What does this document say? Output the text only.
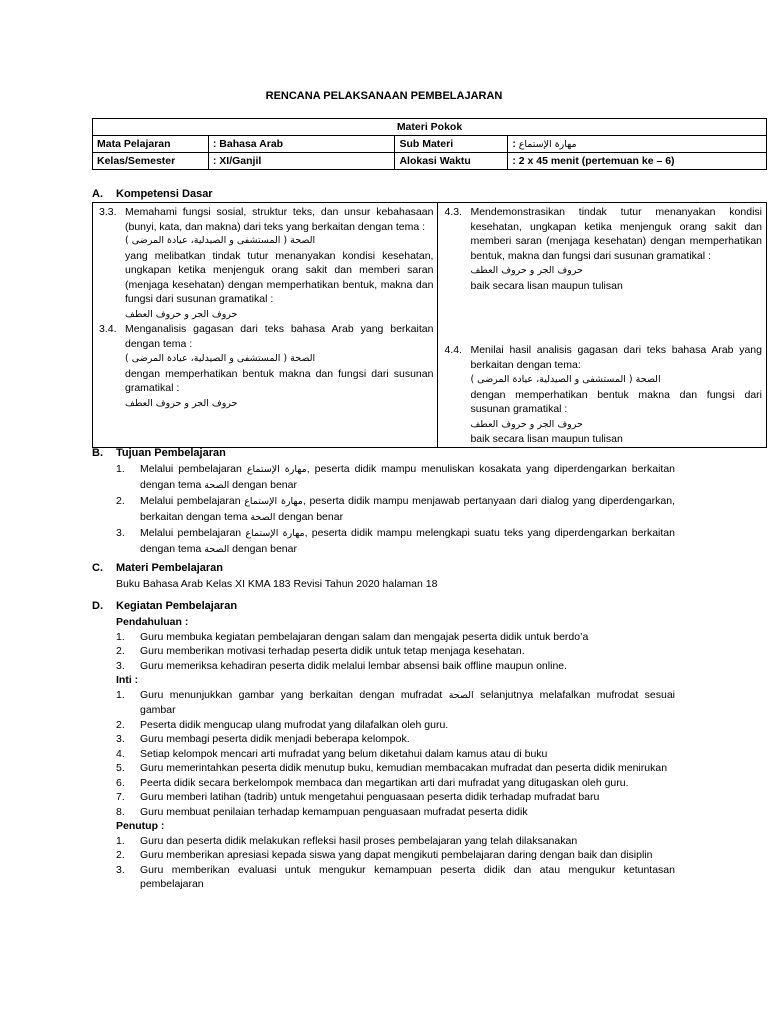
RENCANA PELAKSANAAN PEMBELAJARAN
Materi Pokok			
Mata Pelajaran	: Bahasa Arab	Sub Materi	: مهارة الإستماع
Kelas/Semester	: XI/Ganjil	Alokasi Waktu	: 2 x 45 menit (pertemuan ke – 6)
A. Kompetensi Dasar
3.3. Memahami fungsi sosial, struktur teks, dan unsur kebahasaan (bunyi, kata, dan makna) dari teks yang berkaitan dengan tema :
الصحة ( المستشفى و الصيدلية، عيادة المرضى )
yang melibatkan tindak tutur menanyakan kondisi kesehatan, ungkapan ketika menjenguk orang sakit dan memberi saran (menjaga kesehatan) dengan memperhatikan bentuk, makna dan fungsi dari susunan gramatikal :
حروف الجر و حروف العطف
3.4. Menganalisis gagasan dari teks bahasa Arab yang berkaitan dengan tema :
الصحة ( المستشفى و الصيدلية، عيادة المرضى )
dengan memperhatikan bentuk makna dan fungsi dari susunan gramatikal :
حروف الجر و حروف العطف

4.3. Mendemonstrasikan tindak tutur menanyakan kondisi kesehatan, ungkapan ketika menjenguk orang sakit dan memberi saran (menjaga kesehatan) dengan memperhatikan bentuk, makna dan fungsi dari susunan gramatikal :
حروف الجر و حروف العطف
baik secara lisan maupun tulisan
4.4. Menilai hasil analisis gagasan dari teks bahasa Arab yang berkaitan dengan tema:
الصحة ( المستشفى و الصيدلية، عيادة المرضى )
dengan memperhatikan bentuk makna dan fungsi dari susunan gramatikal :
حروف الجر و حروف العطف
baik secara lisan maupun tulisan
B. Tujuan Pembelajaran
1.	Melalui pembelajaran مهارة الإستماع, peserta didik mampu menuliskan kosakata yang diperdengarkan berkaitan dengan tema الصحة dengan benar
2.	Melalui pembelajaran مهارة الإستماع, peserta didik mampu menjawab pertanyaan dari dialog yang diperdengarkan, berkaitan dengan tema الصحة dengan benar
3.	Melalui pembelajaran مهارة الإستماع, peserta didik mampu melengkapi suatu teks yang diperdengarkan berkaitan dengan tema الصحة dengan benar
C. Materi Pembelajaran
Buku Bahasa Arab Kelas XI KMA 183 Revisi Tahun 2020 halaman 18
D. Kegiatan Pembelajaran
Pendahuluan :
1.	Guru membuka kegiatan pembelajaran dengan salam dan mengajak peserta didik untuk berdo’a
2.	Guru memberikan motivasi terhadap peserta didik untuk tetap menjaga kesehatan.
3.	Guru memeriksa kehadiran peserta didik melalui lembar absensi baik offline maupun online.
Inti :
1.	Guru menunjukkan gambar yang berkaitan dengan mufradat الصحة selanjutnya melafalkan mufrodat sesuai gambar
2.	Peserta didik mengucap ulang mufrodat yang dilafalkan oleh guru.
3.	Guru membagi peserta didik menjadi beberapa kelompok.
4.	Setiap kelompok mencari arti mufradat yang belum diketahui dalam kamus atau di buku
5.	Guru memerintahkan peserta didik menutup buku, kemudian membacakan mufradat dan peserta didik menirukan
6.	Peerta didik secara berkelompok membaca dan megartikan arti dari mufradat yang ditugaskan oleh guru.
7.	Guru memberi latihan (tadrib) untuk mengetahui penguasaan peserta didik terhadap mufradat baru
8.	Guru membuat penilaian terhadap kemampuan penguasaan mufradat peserta didik
Penutup :
1.	Guru dan peserta didik melakukan refleksi hasil proses pembelajaran yang telah dilaksanakan
2.	Guru memberikan apresiasi kepada siswa yang dapat mengikuti pembelajaran daring dengan baik dan disiplin
3.	Guru memberikan evaluasi untuk mengukur kemampuan peserta didik dan atau mengukur ketuntasan pembelajaran
